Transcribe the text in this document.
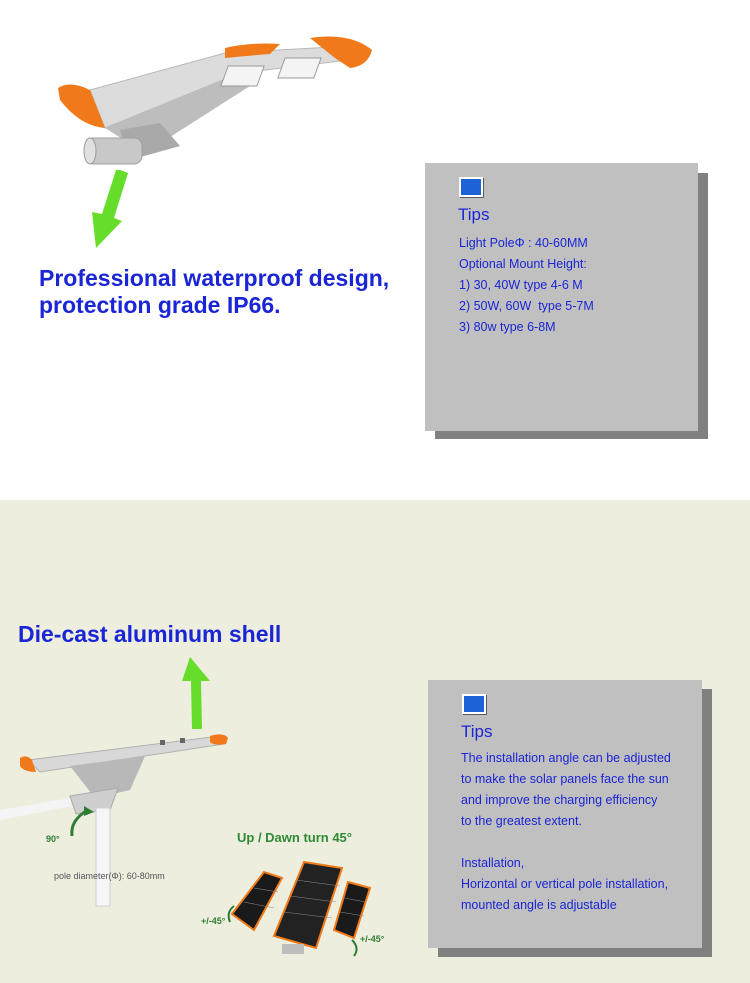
Professional waterproof design,
protection grade IP66.
Tips
Light PoleΦ : 40-60MM
Optional Mount Height:
1) 30, 40W type 4-6 M
2) 50W, 60W  type 5-7M
3) 80w type 6-8M
Die-cast aluminum shell
90°
pole diameter(Φ): 60-80mm
Up / Dawn turn 45°
+/-45°
+/-45°
Tips
The installation angle can be adjusted
to make the solar panels face the sun
and improve the charging efficiency
to the greatest extent.
Installation,
Horizontal or vertical pole installation,
mounted angle is adjustable
